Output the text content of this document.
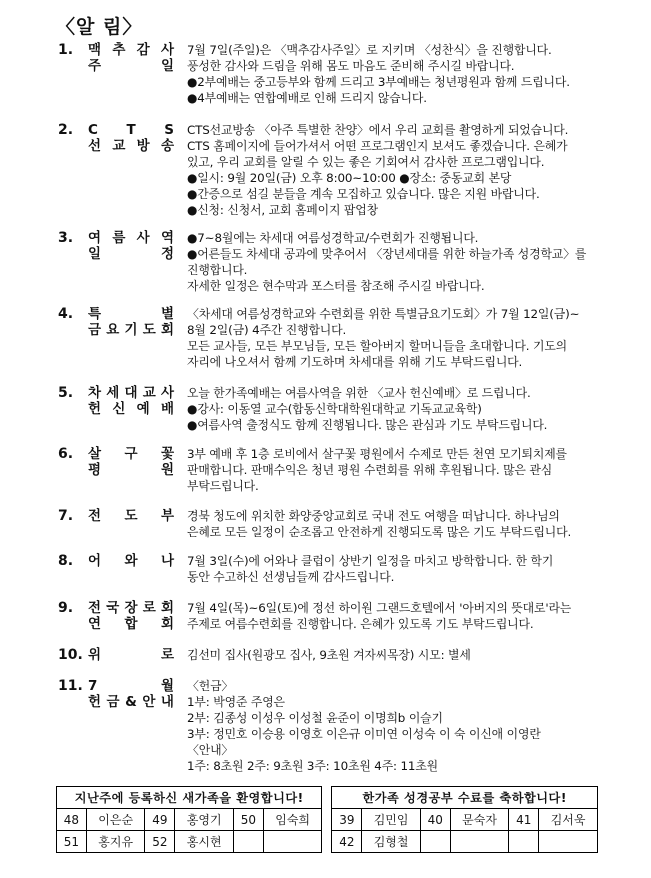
〈알 림〉
1. 맥 추 감 사
주	일
7월 7일(주일)은 〈맥추감사주일〉로 지키며 〈성찬식〉을 진행합니다.
풍성한 감사와 드림을 위해 몸도 마음도 준비해 주시길 바랍니다.
●2부예배는 중고등부와 함께 드리고 3부예배는 청년평원과 함께 드립니다.
●4부예배는 연합예배로 인해 드리지 않습니다.
2. C T S
선 교 방 송
CTS선교방송 〈아주 특별한 찬양〉에서 우리 교회를 촬영하게 되었습니다.
CTS 홈페이지에 들어가셔서 어떤 프로그램인지 보셔도 좋겠습니다. 은혜가
있고, 우리 교회를 알릴 수 있는 좋은 기회여서 감사한 프로그램입니다.
●일시: 9월 20일(금) 오후 8:00~10:00 ●장소: 중동교회 본당
●간증으로 섬길 분들을 계속 모집하고 있습니다. 많은 지원 바랍니다.
●신청: 신청서, 교회 홈페이지 팝업창
3. 여 름 사 역
일	정
●7~8월에는 차세대 여름성경학교/수련회가 진행됩니다.
●어른들도 차세대 공과에 맞추어서 〈장년세대를 위한 하늘가족 성경학교〉를
진행합니다.
자세한 일정은 현수막과 포스터를 참조해 주시길 바랍니다.
4. 특	별
금 요 기 도 회
〈차세대 여름성경학교와 수련회를 위한 특별금요기도회〉가 7월 12일(금)~
8월 2일(금) 4주간 진행합니다.
모든 교사들, 모든 부모님들, 모든 할아버지 할머니들을 초대합니다. 기도의
자리에 나오셔서 함께 기도하며 차세대를 위해 기도 부탁드립니다.
5. 차 세 대 교 사
헌 신 예 배
오늘 한가족예배는 여름사역을 위한 〈교사 헌신예배〉로 드립니다.
●강사: 이동열 교수(합동신학대학원대학교 기독교교육학)
●여름사역 출정식도 함께 진행됩니다. 많은 관심과 기도 부탁드립니다.
6. 살 구 꽃
평	원
3부 예배 후 1층 로비에서 살구꽃 평원에서 수제로 만든 천연 모기퇴치제를
판매합니다. 판매수익은 청년 평원 수련회를 위해 후원됩니다. 많은 관심
부탁드립니다.
7. 전 도 부 경북 청도에 위치한 화양중앙교회로 국내 전도 여행을 떠납니다. 하나님의
은혜로 모든 일정이 순조롭고 안전하게 진행되도록 많은 기도 부탁드립니다.
8. 어 와 나 7월 3일(수)에 어와나 클럽이 상반기 일정을 마치고 방학합니다. 한 학기
동안 수고하신 선생님들께 감사드립니다.
9. 전 국 장 로 회
연 합 회
7월 4일(목)~6일(토)에 정선 하이원 그랜드호텔에서 '아버지의 뜻대로'라는
주제로 여름수련회를 진행합니다. 은혜가 있도록 기도 부탁드립니다.
10. 위	로 김선미 집사(원광모 집사, 9초원 겨자씨목장) 시모: 별세
11. 7	월
헌 금 & 안 내
〈헌금〉
1부: 박영준 주영은
2부: 김종성 이성우 이성철 윤준이 이명희b 이슬기
3부: 정민호 이승용 이영호 이은규 이미연 이성숙 이 숙 이신애 이영란
〈안내〉
1주: 8초원 2주: 9초원 3주: 10초원 4주: 11초원
지난주에 등록하신 새가족을 환영합니다!							한가족 성경공부 수료를 축하합니다!					
48	이은순	49	홍영기	50	임숙희		39	김민임	40	문숙자	41	김서욱
51	홍지유	52	홍시현				42	김형철				
